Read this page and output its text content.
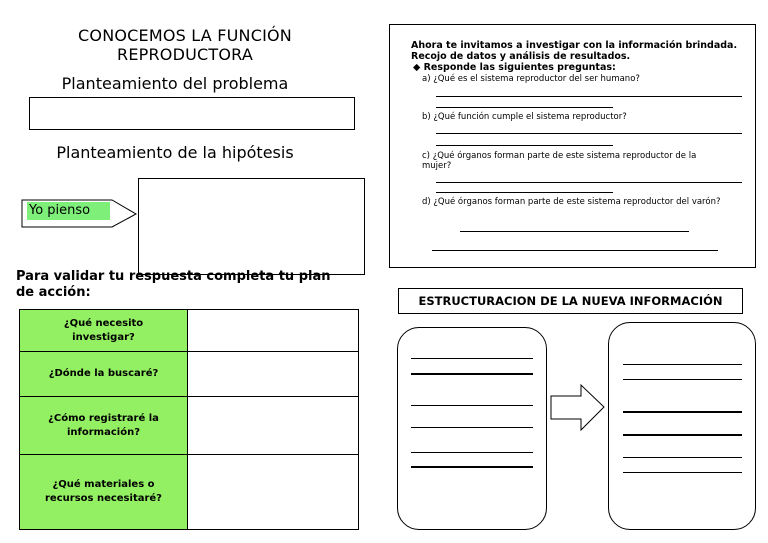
CONOCEMOS LA FUNCIÓN REPRODUCTORA
Planteamiento del problema
Planteamiento de la hipótesis
Yo pienso
Para validar tu respuesta completa tu plan de acción:
¿Qué necesito investigar?	
¿Dónde la buscaré?	
¿Cómo registraré la información?	
¿Qué materiales o recursos necesitaré?	
Ahora te invitamos a investigar con la información brindada.
Recojo de datos y análisis de resultados.
◆ Responde las siguientes preguntas:
a) ¿Qué es el sistema reproductor del ser humano?
b) ¿Qué función cumple el sistema reproductor?
c) ¿Qué órganos forman parte de este sistema reproductor de la mujer?
d) ¿Qué órganos forman parte de este sistema reproductor del varón?
ESTRUCTURACION DE LA NUEVA INFORMACIÓN
